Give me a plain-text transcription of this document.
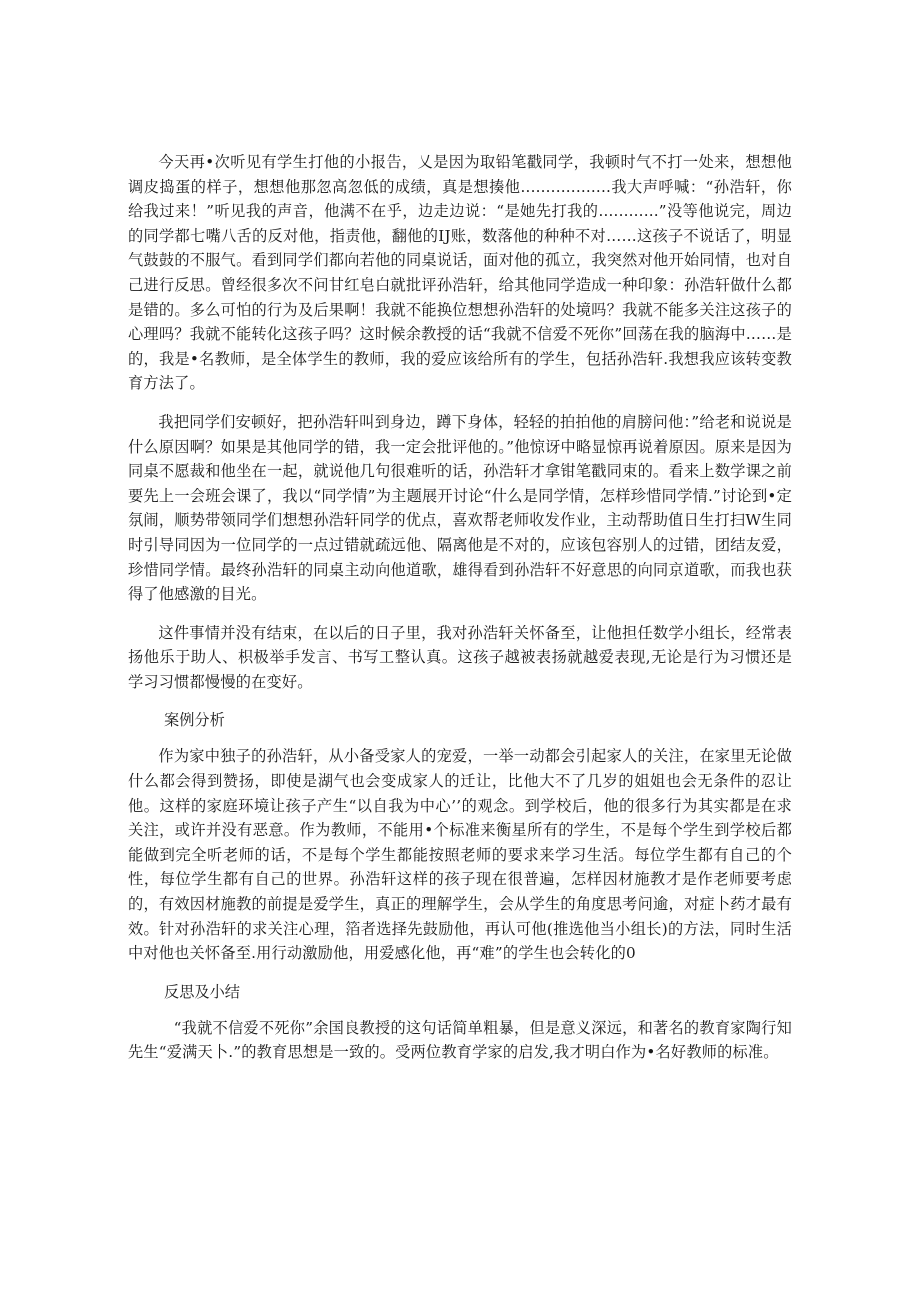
今天再•次听见有学生打他的小报告，乂是因为取铅笔戳同学，我顿时气不打一处来，想想他调皮捣蛋的样子，想想他那忽高忽低的成绩，真是想揍他..................我大声呼喊：“孙浩轩，你给我过来！”听见我的声音，他满不在乎，边走边说：“是她先打我的............”没等他说完，周边的同学都七嘴八舌的反对他，指责他，翻他的IJ账，数落他的种种不对……这孩子不说话了，明显气鼓鼓的不服气。看到同学们都向若他的同桌说话，面对他的孤立，我突然对他开始同情，也对自己进行反思。曾经很多次不问甘红皂白就批评孙浩轩，给其他同学造成一种印象：孙浩轩做什么都是错的。多么可怕的行为及后果啊！我就不能换位想想孙浩轩的处境吗？我就不能多关注这孩子的心理吗？我就不能转化这孩子吗？这时候余教授的话“我就不信爱不死你”回荡在我的脑海中……是的，我是•名教师，是全体学生的教师，我的爱应该给所有的学生，包括孙浩轩.我想我应该转变教育方法了。

我把同学们安顿好，把孙浩轩叫到身边，蹲下身体，轻轻的拍拍他的肩膀问他：”给老和说说是什么原因啊？如果是其他同学的错，我一定会批评他的。”他惊讶中略显惊再说着原因。原来是因为同桌不愿裁和他坐在一起，就说他几句很难听的话，孙浩轩才拿钳笔戳同束的。看来上数学课之前要先上一会班会课了，我以“同学情”为主题展开讨论“什么是同学情，怎样珍惜同学情.”讨论到•定氛闹，顺势带领同学们想想孙浩轩同学的优点，喜欢帮老师收发作业，主动帮助值日生打扫W生同时引导同因为一位同学的一点过错就疏远他、隔离他是不对的，应该包容别人的过错，团结友爱，珍惜同学情。最终孙浩轩的同桌主动向他道歌，雄得看到孙浩轩不好意思的向同京道歌，而我也获得了他感激的目光。

这件事情并没有结束，在以后的日子里，我对孙浩轩关怀备至，让他担任数学小组长，经常表扬他乐于助人、枳极举手发言、书写工整认真。这孩子越被表扬就越爱表现,无论是行为习惯还是学习习惯都慢慢的在变好。

案例分析

作为家中独子的孙浩轩，从小备受家人的宠爱，一举一动都会引起家人的关注，在家里无论做什么都会得到赞扬，即使是湖气也会变成家人的迁让，比他大不了几岁的姐姐也会无条件的忍让他。这样的家庭环境让孩子产生“以自我为中心’’的观念。到学校后，他的很多行为其实都是在求关注，或许并没有恶意。作为教师，不能用•个标准来衡星所有的学生，不是每个学生到学校后都能做到完全听老师的话，不是每个学生都能按照老师的要求来学习生活。每位学生都有自己的个性，每位学生都有自己的世界。孙浩轩这样的孩子现在很普遍，怎样因材施教才是作老师要考虑的，有效因材施教的前提是爱学生，真正的理解学生，会从学生的角度思考问逾，对症卜药才最有效。针对孙浩轩的求关注心理，箔者选择先鼓励他，再认可他(推选他当小组长)的方法，同时生活中对他也关怀备至.用行动激励他，用爱感化他，再“难”的学生也会转化的0

反思及小结

“我就不信爱不死你”余国良教授的这句话简单粗暴，但是意义深远，和著名的教育家陶行知先生“爱满天卜.”的教育思想是一致的。受两位教育学家的启发,我才明白作为•名好教师的标准。
